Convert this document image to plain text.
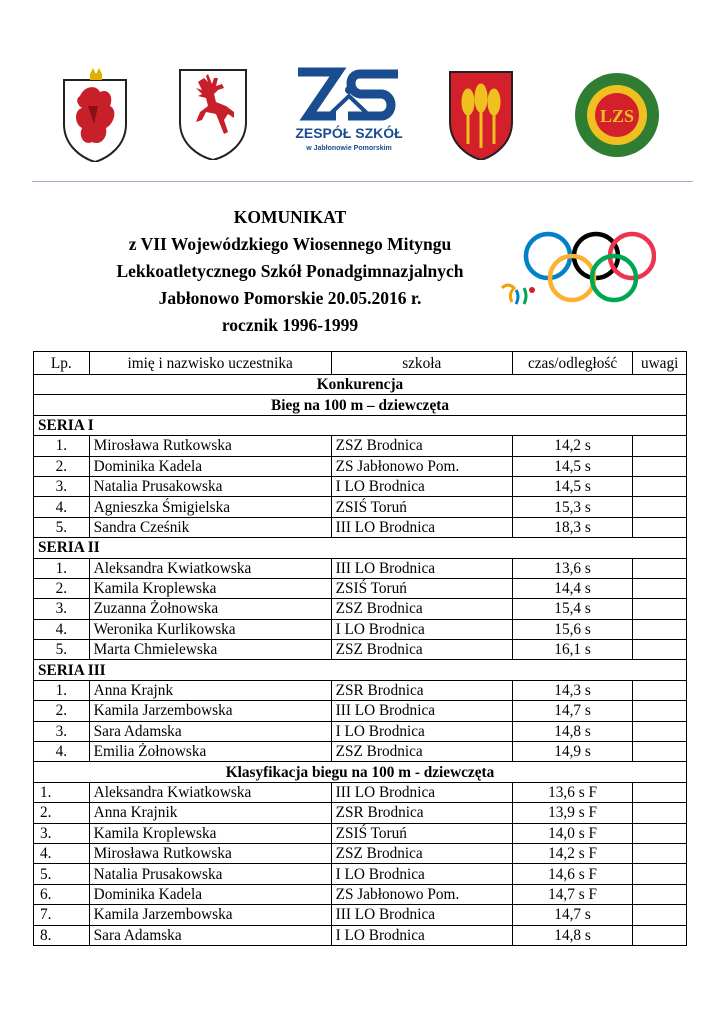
ZESPÓŁ SZKÓŁ
w Jabłonowie Pomorskim
LZS
KOMUNIKAT
z VII Wojewódzkiego Wiosennego Mityngu
Lekkoatletycznego Szkół Ponadgimnazjalnych
Jabłonowo Pomorskie 20.05.2016 r.
rocznik 1996-1999
Lp.	imię i nazwisko uczestnika	szkoła	czas/odległość	uwagi
Konkurencja				
Bieg na 100 m – dziewczęta				
SERIA I				
1.	Mirosława Rutkowska	ZSZ Brodnica	14,2 s	
2.	Dominika Kadela	ZS Jabłonowo Pom.	14,5 s	
3.	Natalia Prusakowska	I LO Brodnica	14,5 s	
4.	Agnieszka Śmigielska	ZSIŚ Toruń	15,3 s	
5.	Sandra Cześnik	III LO Brodnica	18,3 s	
SERIA II				
1.	Aleksandra Kwiatkowska	III LO Brodnica	13,6 s	
2.	Kamila Kroplewska	ZSIŚ Toruń	14,4 s	
3.	Zuzanna Żołnowska	ZSZ Brodnica	15,4 s	
4.	Weronika Kurlikowska	I LO Brodnica	15,6 s	
5.	Marta Chmielewska	ZSZ Brodnica	16,1 s	
SERIA III				
1.	Anna Krajnk	ZSR Brodnica	14,3 s	
2.	Kamila Jarzembowska	III LO Brodnica	14,7 s	
3.	Sara Adamska	I LO Brodnica	14,8 s	
4.	Emilia Żołnowska	ZSZ Brodnica	14,9 s	
Klasyfikacja biegu na 100 m - dziewczęta				
1.	Aleksandra Kwiatkowska	III LO Brodnica	13,6 s F	
2.	Anna Krajnik	ZSR Brodnica	13,9 s F	
3.	Kamila Kroplewska	ZSIŚ Toruń	14,0 s F	
4.	Mirosława Rutkowska	ZSZ Brodnica	14,2 s F	
5.	Natalia Prusakowska	I LO Brodnica	14,6 s F	
6.	Dominika Kadela	ZS Jabłonowo Pom.	14,7 s F	
7.	Kamila Jarzembowska	III LO Brodnica	14,7 s	
8.	Sara Adamska	I LO Brodnica	14,8 s	
